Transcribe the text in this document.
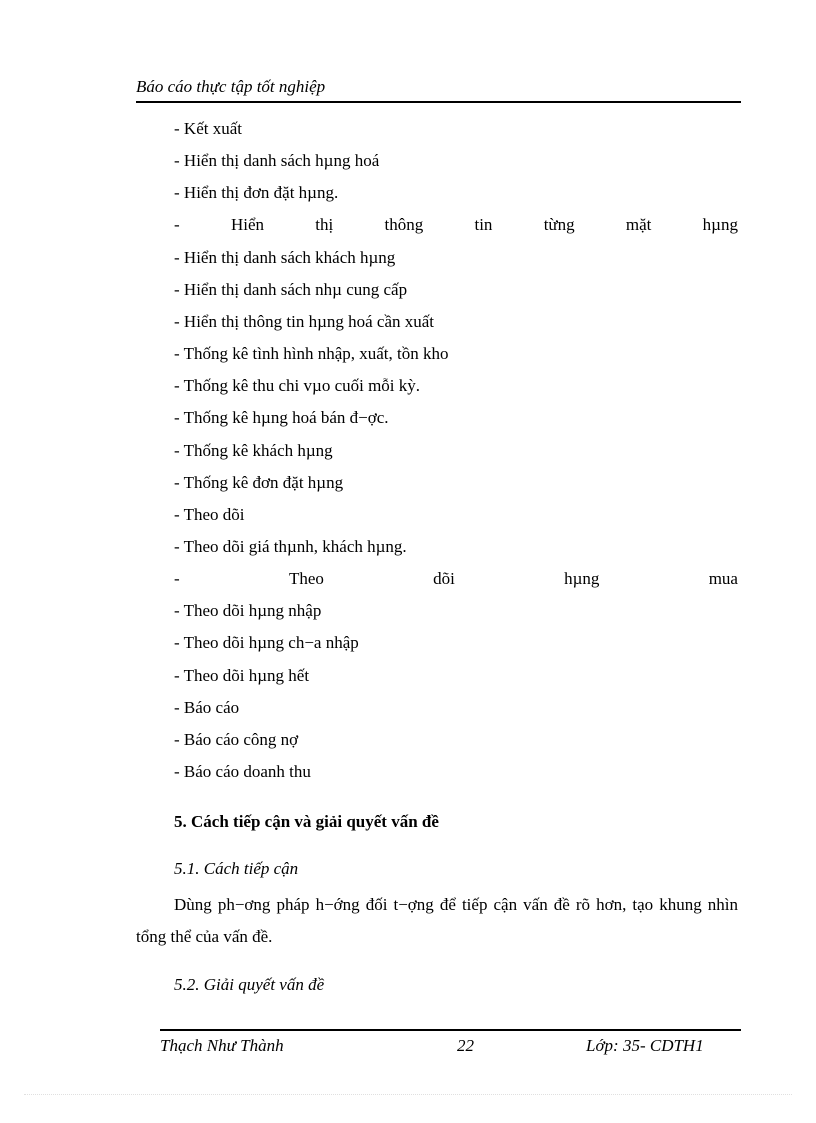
Báo cáo thực tập tốt nghiệp
- Kết xuất
- Hiển thị danh sách hµng hoá
- Hiển thị đơn đặt hµng.
-	Hiển	thị	thông	tin	từng	mặt	hµng
- Hiển thị danh sách khách hµng
- Hiển thị danh sách nhµ cung cấp
- Hiển thị thông tin hµng hoá cần xuất
- Thống kê tình hình nhập, xuất, tồn kho
- Thống kê thu chi vµo cuối mỗi kỳ.
- Thống kê hµng hoá bán đ−ợc.
- Thống kê khách hµng
- Thống kê đơn đặt hµng
- Theo dõi
- Theo dõi giá thµnh, khách hµng.
-	Theo	dõi	hµng	mua
- Theo dõi hµng nhập
- Theo dõi hµng ch−a nhập
- Theo dõi hµng hết
- Báo cáo
- Báo cáo công nợ
- Báo cáo doanh thu
5. Cách tiếp cận và giải quyết vấn đề
5.1. Cách tiếp cận
Dùng ph−ơng pháp h−ớng đối t−ợng để tiếp cận vấn đề rõ hơn, tạo khung nhìn tổng thể của vấn đề.
5.2. Giải quyết vấn đề
Thạch Như Thành	22	Lớp: 35- CDTH1
